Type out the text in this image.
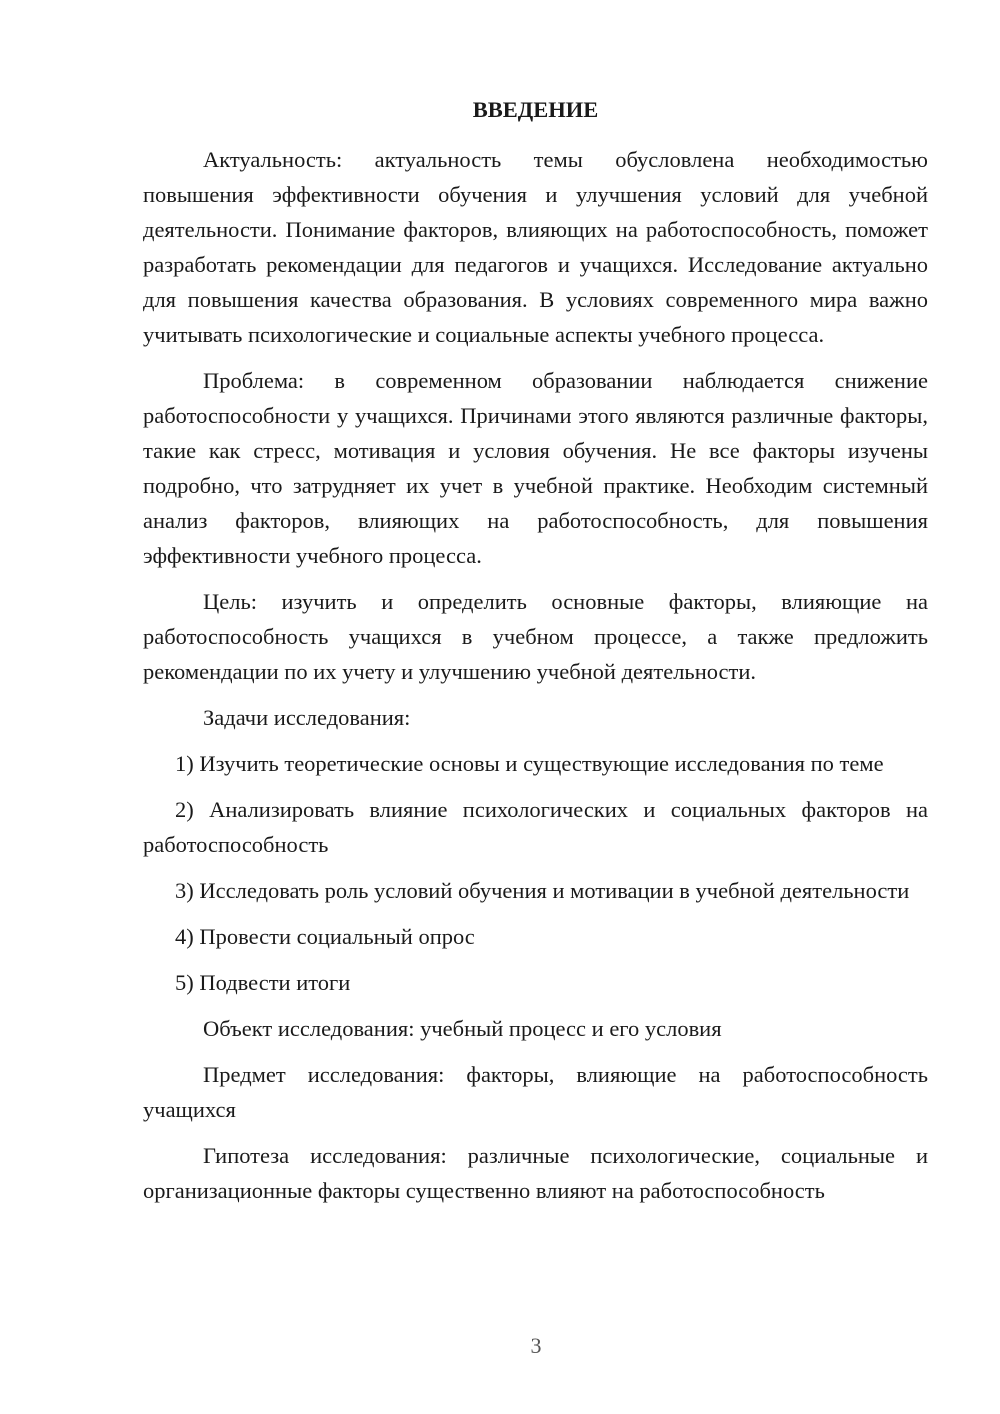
ВВЕДЕНИЕ

Актуальность: актуальность темы обусловлена необходимостью повышения эффективности обучения и улучшения условий для учебной деятельности. Понимание факторов, влияющих на работоспособность, поможет разработать рекомендации для педагогов и учащихся. Исследование актуально для повышения качества образования. В условиях современного мира важно учитывать психологические и социальные аспекты учебного процесса.

Проблема: в современном образовании наблюдается снижение работоспособности у учащихся. Причинами этого являются различные факторы, такие как стресс, мотивация и условия обучения. Не все факторы изучены подробно, что затрудняет их учет в учебной практике. Необходим системный анализ факторов, влияющих на работоспособность, для повышения эффективности учебного процесса.

Цель: изучить и определить основные факторы, влияющие на работоспособность учащихся в учебном процессе, а также предложить рекомендации по их учету и улучшению учебной деятельности.

Задачи исследования:

1) Изучить теоретические основы и существующие исследования по теме

2) Анализировать влияние психологических и социальных факторов на работоспособность

3) Исследовать роль условий обучения и мотивации в учебной деятельности

4) Провести социальный опрос

5) Подвести итоги

Объект исследования: учебный процесс и его условия

Предмет исследования: факторы, влияющие на работоспособность учащихся

Гипотеза исследования: различные психологические, социальные и организационные факторы существенно влияют на работоспособность

3
